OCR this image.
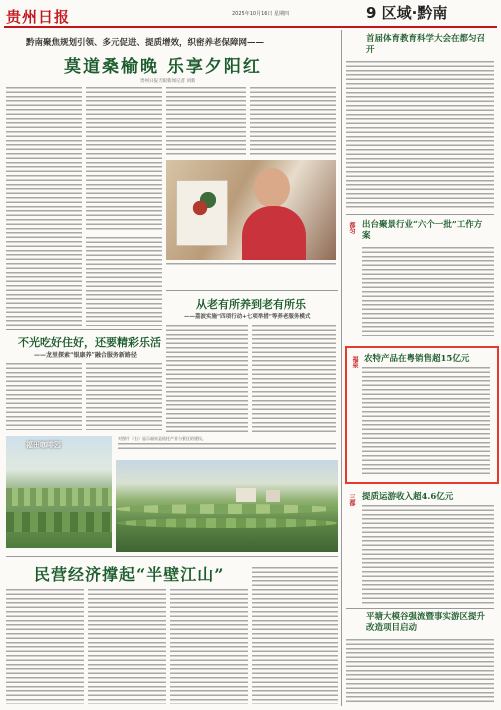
贵州日报	2025年10月16日 星期四	9 区域·黔南
黔南聚焦规划引领、多元促进、提质增效，织密养老保障网——
莫道桑榆晚 乐享夕阳红
贵州日报天眼新闻记者 刘新
不光吃好住好，还要精彩乐活
——龙里探索“银康养”融合服务新路径
从老有所养到老有所乐
——荔波实施“四项行动+七项举措”等养老服务模式
福田咖啡园
对照片（右）显示福泉县依托产业与景区的建设。
民营经济撑起“半壁江山”
首届体育教育科学大会在都匀召开
都匀 出台聚景行业“六个一批”工作方案
福泉 农特产品在粤销售超15亿元
三都 提质运游收入超4.6亿元
平塘大模谷强流暨事实游区提升改造项目启动
